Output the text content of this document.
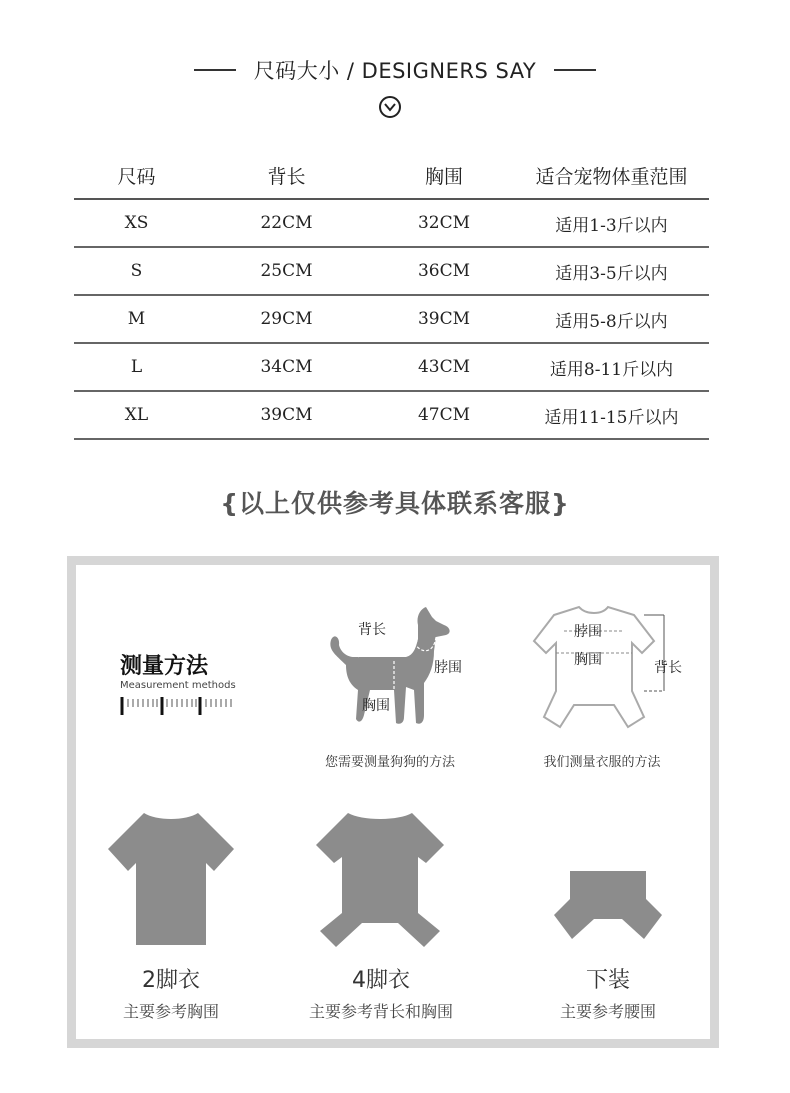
尺码大小 / DESIGNERS SAY
尺码	背长	胸围	适合宠物体重范围
XS	22CM	32CM	适用1-3斤以内
S	25CM	36CM	适用3-5斤以内
M	29CM	39CM	适用5-8斤以内
L	34CM	43CM	适用8-11斤以内
XL	39CM	47CM	适用11-15斤以内
{以上仅供参考具体联系客服}
测量方法
Measurement methods
背长
脖围
胸围
您需要测量狗狗的方法
脖围
胸围	背长
我们测量衣服的方法
2脚衣
主要参考胸围
4脚衣
主要参考背长和胸围
下装
主要参考腰围
